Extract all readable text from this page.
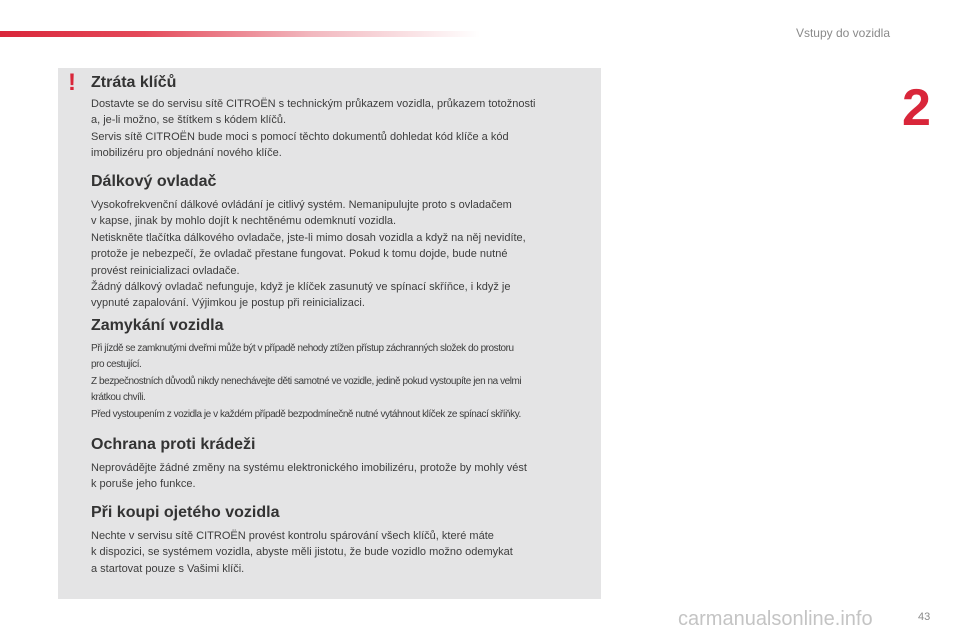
Vstupy do vozidla
2
! Ztráta klíčů
Dostavte se do servisu sítě CITROËN s technickým průkazem vozidla, průkazem totožnosti
a, je-li možno, se štítkem s kódem klíčů.
Servis sítě CITROËN bude moci s pomocí těchto dokumentů dohledat kód klíče a kód
imobilizéru pro objednání nového klíče.
Dálkový ovladač
Vysokofrekvenční dálkové ovládání je citlivý systém. Nemanipulujte proto s ovladačem
v kapse, jinak by mohlo dojít k nechtěnému odemknutí vozidla.
Netiskněte tlačítka dálkového ovladače, jste-li mimo dosah vozidla a když na něj nevidíte,
protože je nebezpečí, že ovladač přestane fungovat. Pokud k tomu dojde, bude nutné
provést reinicializaci ovladače.
Žádný dálkový ovladač nefunguje, když je klíček zasunutý ve spínací skříňce, i když je
vypnuté zapalování. Výjimkou je postup při reinicializaci.
Zamykání vozidla
Při jízdě se zamknutými dveřmi může být v případě nehody ztížen přístup záchranných složek do prostoru
pro cestující.
Z bezpečnostních důvodů nikdy nenechávejte děti samotné ve vozidle, jedině pokud vystoupíte jen na velmi
krátkou chvíli.
Před vystoupením z vozidla je v každém případě bezpodmínečně nutné vytáhnout klíček ze spínací skříňky.
Ochrana proti krádeži
Neprovádějte žádné změny na systému elektronického imobilizéru, protože by mohly vést
k poruše jeho funkce.
Při koupi ojetého vozidla
Nechte v servisu sítě CITROËN provést kontrolu spárování všech klíčů, které máte
k dispozici, se systémem vozidla, abyste měli jistotu, že bude vozidlo možno odemykat
a startovat pouze s Vašimi klíči.
carmanualsonline.info	43
